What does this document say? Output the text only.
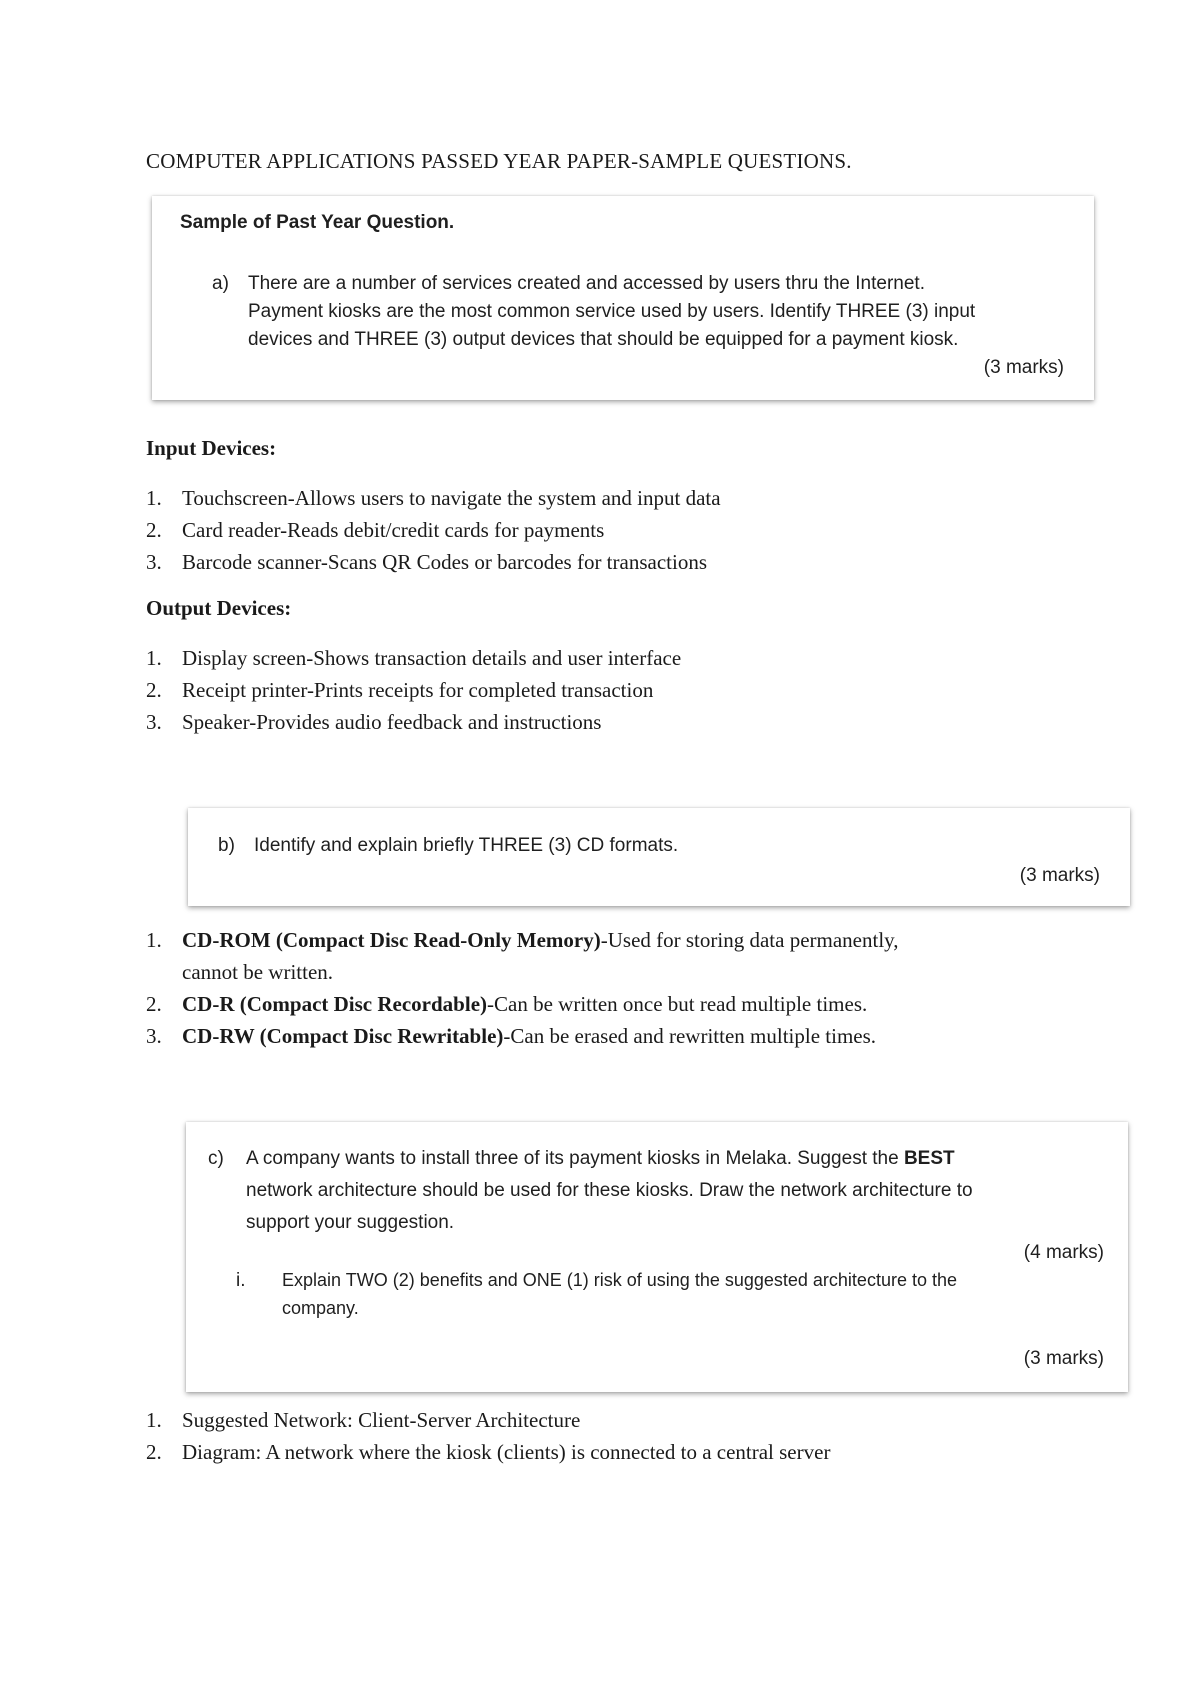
COMPUTER APPLICATIONS PASSED YEAR PAPER-SAMPLE QUESTIONS.
Sample of Past Year Question.
a) There are a number of services created and accessed by users thru the Internet.
Payment kiosks are the most common service used by users. Identify THREE (3) input
devices and THREE (3) output devices that should be equipped for a payment kiosk.
(3 marks)
Input Devices:
1. Touchscreen-Allows users to navigate the system and input data
2. Card reader-Reads debit/credit cards for payments
3. Barcode scanner-Scans QR Codes or barcodes for transactions
Output Devices:
1. Display screen-Shows transaction details and user interface
2. Receipt printer-Prints receipts for completed transaction
3. Speaker-Provides audio feedback and instructions
b) Identify and explain briefly THREE (3) CD formats.
(3 marks)
1. CD-ROM (Compact Disc Read-Only Memory)-Used for storing data permanently,
cannot be written.
2. CD-R (Compact Disc Recordable)-Can be written once but read multiple times.
3. CD-RW (Compact Disc Rewritable)-Can be erased and rewritten multiple times.
c) A company wants to install three of its payment kiosks in Melaka. Suggest the BEST
network architecture should be used for these kiosks. Draw the network architecture to
support your suggestion.
(4 marks)
i. Explain TWO (2) benefits and ONE (1) risk of using the suggested architecture to the
company.
(3 marks)
1. Suggested Network: Client-Server Architecture
2. Diagram: A network where the kiosk (clients) is connected to a central server
